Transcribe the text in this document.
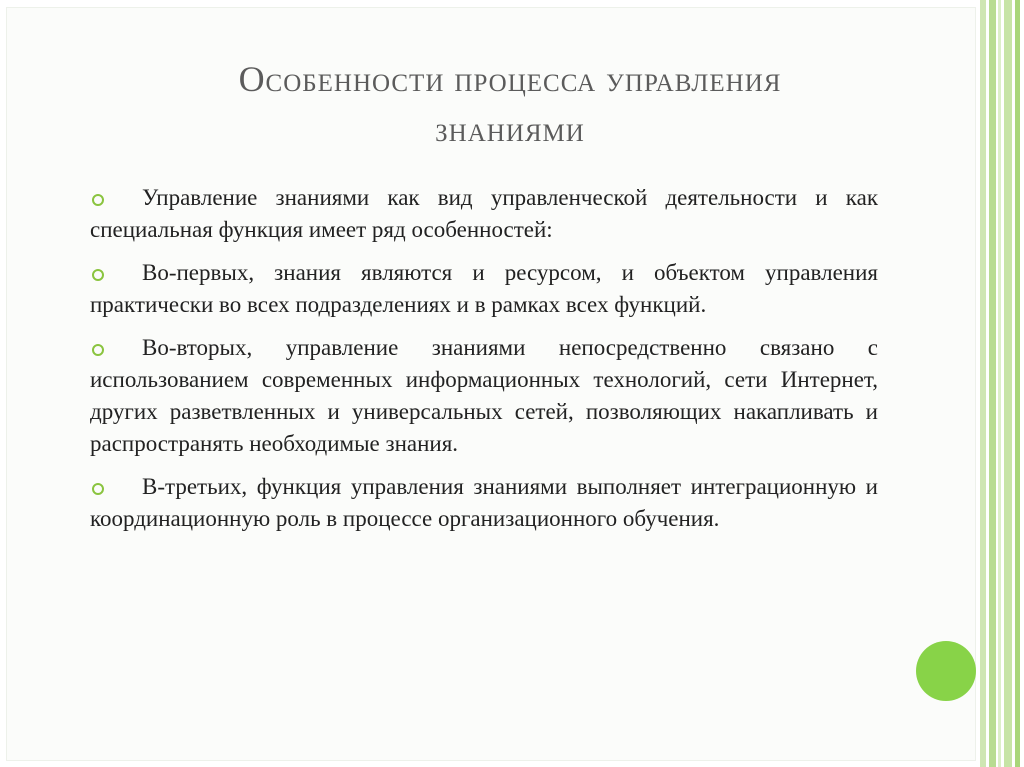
Особенности процесса управления
знаниями
Управление знаниями как вид управленческой деятельности и как специальная функция имеет ряд особенностей:
Во-первых, знания являются и ресурсом, и объектом управления практически во всех подразделениях и в рамках всех функций.
Во-вторых, управление знаниями непосредственно связано с использованием современных информационных технологий, сети Интернет, других разветвленных и универсальных сетей, позволяющих накапливать и распространять необходимые знания.
В-третьих, функция управления знаниями выполняет интеграционную и координационную роль в процессе организационного обучения.
